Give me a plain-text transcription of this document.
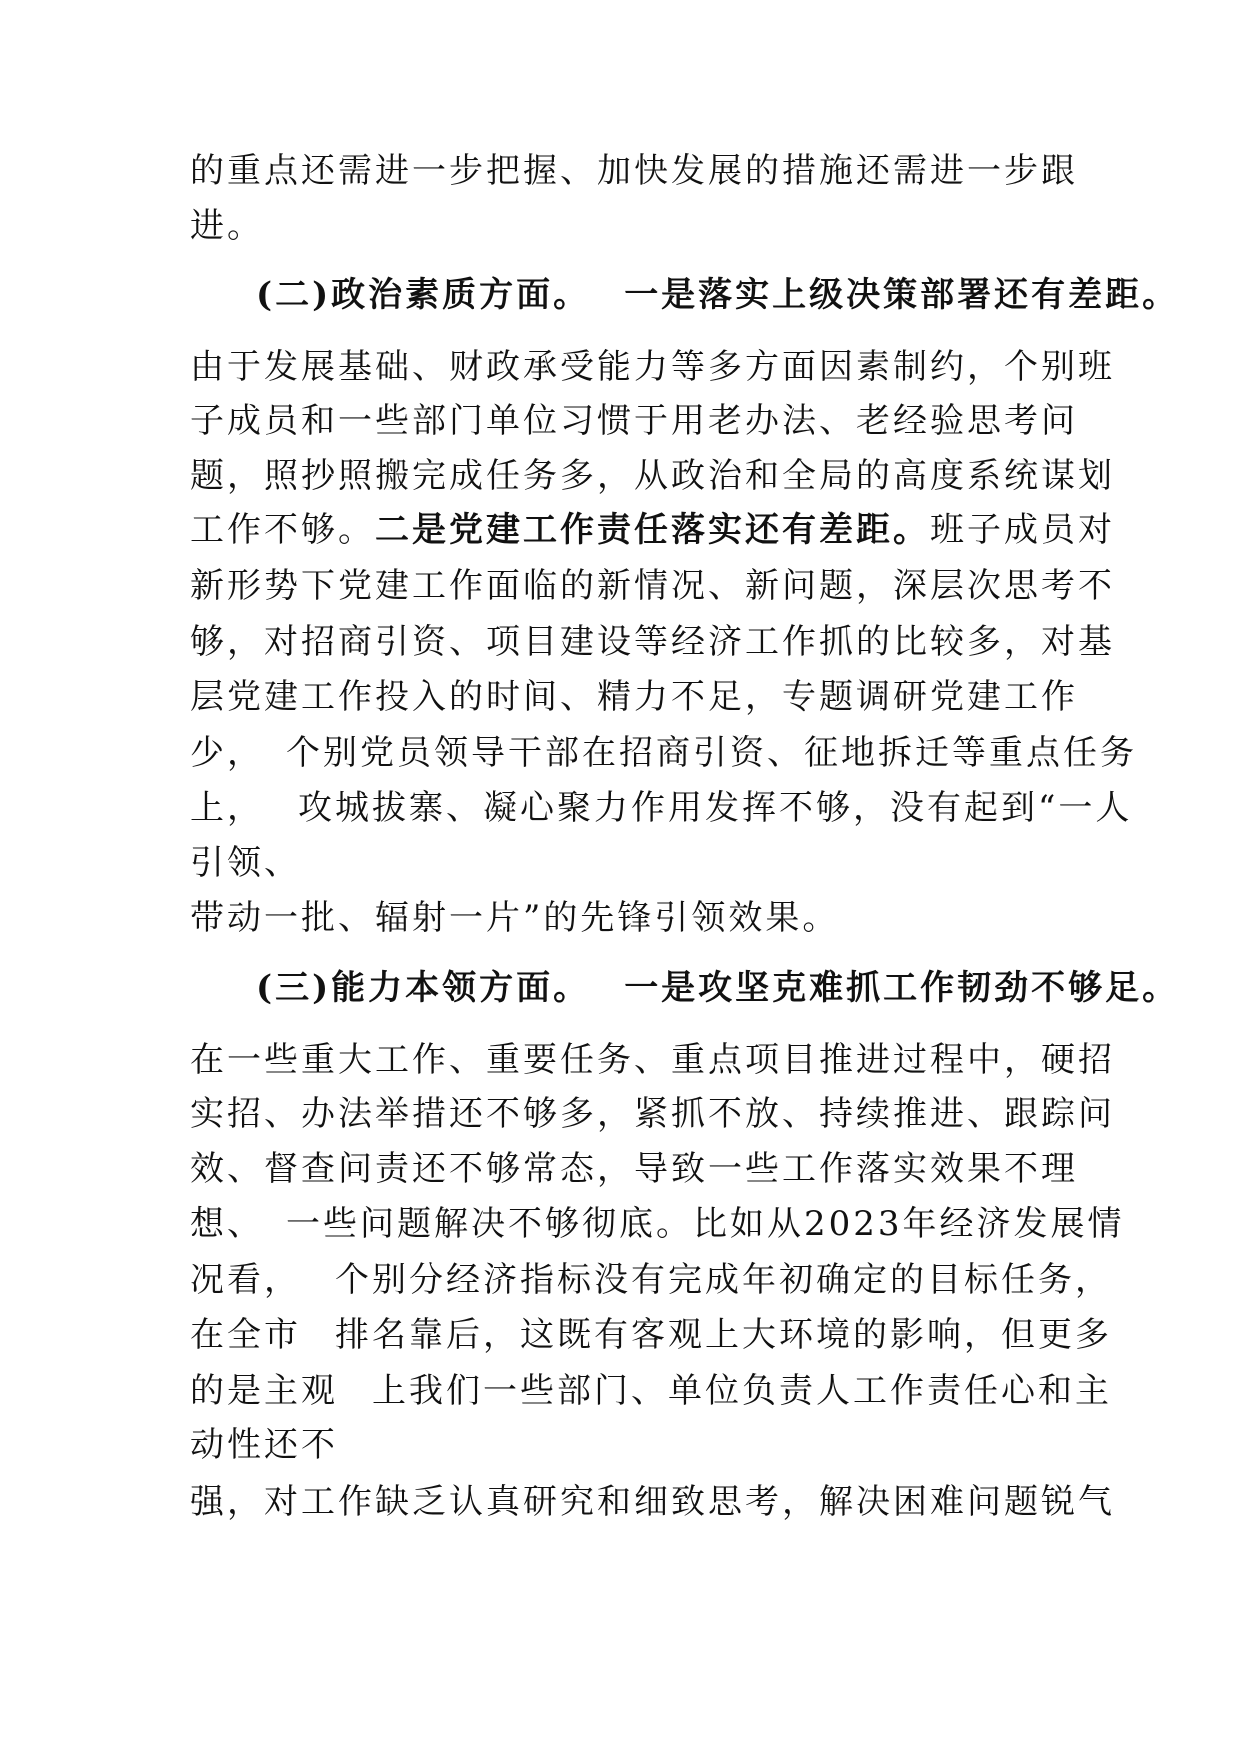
的重点还需进一步把握、加快发展的措施还需进一步跟
进。
(二)政治素质方面。 一是落实上级决策部署还有差距。
由于发展基础、财政承受能力等多方面因素制约，个别班
子成员和一些部门单位习惯于用老办法、老经验思考问
题，照抄照搬完成任务多，从政治和全局的高度系统谋划
工作不够。二是党建工作责任落实还有差距。班子成员对
新形势下党建工作面临的新情况、新问题，深层次思考不
够，对招商引资、项目建设等经济工作抓的比较多，对基
层党建工作投入的时间、精力不足，专题调研党建工作
少， 个别党员领导干部在招商引资、征地拆迁等重点任务
上， 攻城拔寨、凝心聚力作用发挥不够，没有起到“一人
引领、
带动一批、辐射一片”的先锋引领效果。
(三)能力本领方面。 一是攻坚克难抓工作韧劲不够足。
在一些重大工作、重要任务、重点项目推进过程中，硬招
实招、办法举措还不够多，紧抓不放、持续推进、跟踪问
效、督查问责还不够常态，导致一些工作落实效果不理
想、 一些问题解决不够彻底。比如从2023年经济发展情
况看， 个别分经济指标没有完成年初确定的目标任务，
在全市 排名靠后，这既有客观上大环境的影响，但更多
的是主观 上我们一些部门、单位负责人工作责任心和主
动性还不
强，对工作缺乏认真研究和细致思考，解决困难问题锐气
